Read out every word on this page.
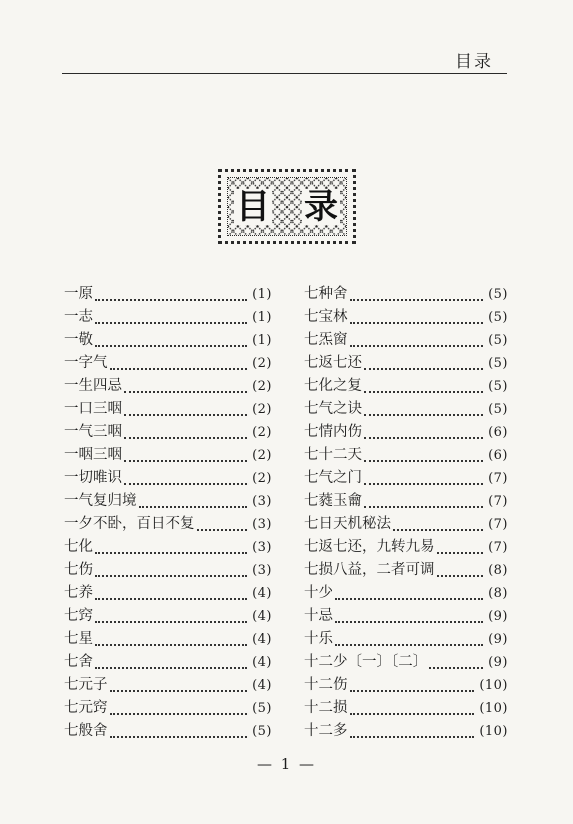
目录
目 录
一原	(1)
一志	(1)
一敬	(1)
一字气	(2)
一生四忌	(2)
一口三咽	(2)
一气三咽	(2)
一咽三咽	(2)
一切唯识	(2)
一气复归境	(3)
一夕不卧，百日不复	(3)
七化	(3)
七伤	(3)
七养	(4)
七窍	(4)
七星	(4)
七舍	(4)
七元子	(4)
七元窍	(5)
七般舍	(5)
七种舍	(5)
七宝林	(5)
七炁窗	(5)
七返七还	(5)
七化之复	(5)
七气之诀	(5)
七情内伤	(6)
七十二天	(6)
七气之门	(7)
七蕤玉龠	(7)
七日天机秘法	(7)
七返七还，九转九易	(7)
七损八益，二者可调	(8)
十少	(8)
十忌	(9)
十乐	(9)
十二少〔一〕〔二〕	(9)
十二伤	(10)
十二损	(10)
十二多	(10)
— 1 —
